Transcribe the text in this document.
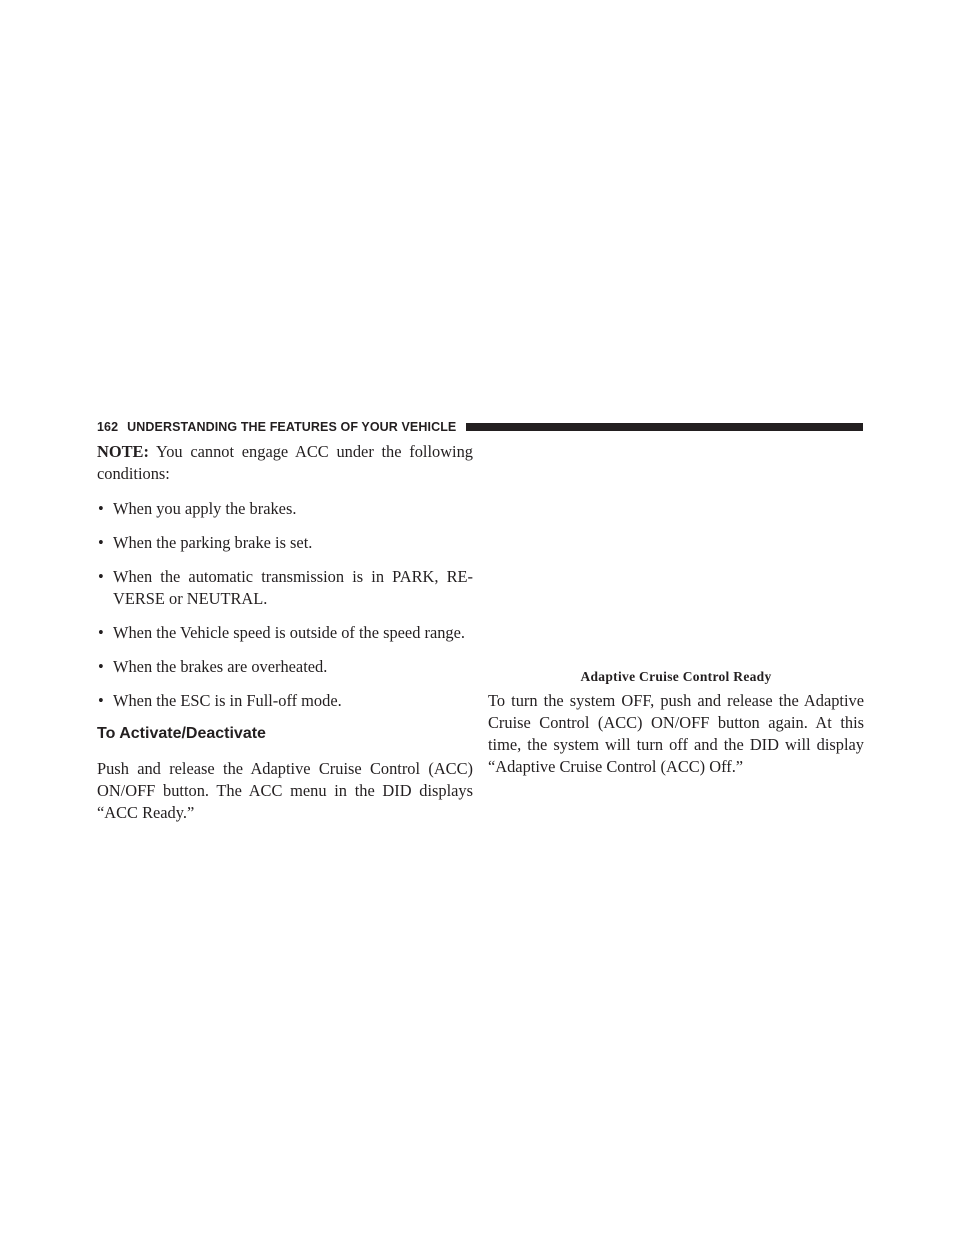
162 UNDERSTANDING THE FEATURES OF YOUR VEHICLE

NOTE: You cannot engage ACC under the following conditions:

• When you apply the brakes.
• When the parking brake is set.
• When the automatic transmission is in PARK, RE-VERSE or NEUTRAL.
• When the Vehicle speed is outside of the speed range.
• When the brakes are overheated.
• When the ESC is in Full-off mode.
To Activate/Deactivate

Push and release the Adaptive Cruise Control (ACC) ON/OFF button. The ACC menu in the DID displays “ACC Ready.”

Adaptive Cruise Control Ready

To turn the system OFF, push and release the Adaptive Cruise Control (ACC) ON/OFF button again. At this time, the system will turn off and the DID will display “Adaptive Cruise Control (ACC) Off.”
